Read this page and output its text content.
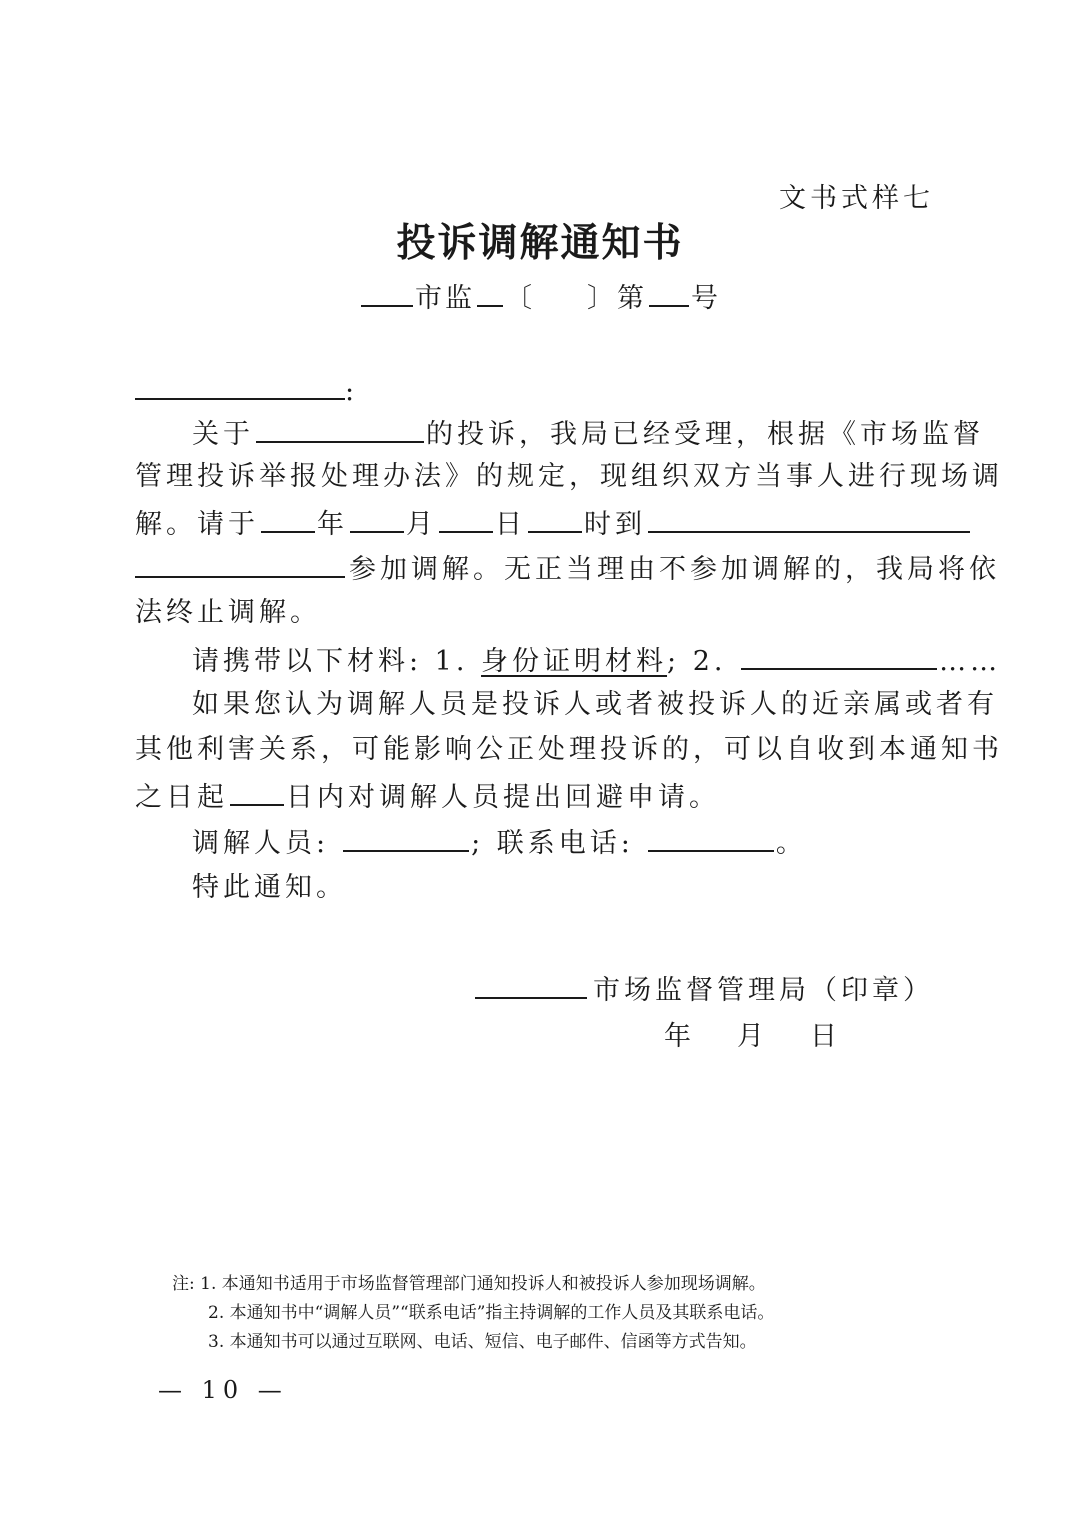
文书式样七
投诉调解通知书
市监 〔 〕第 号
:
关于	的投诉，我局已经受理，根据《市场监督
管理投诉举报处理办法》的规定，现组织双方当事人进行现场调
解。请于 年 月 日 时到
参加调解。无正当理由不参加调解的，我局将依
法终止调解。
请携带以下材料: 1. 身份证明材料; 2.	……
如果您认为调解人员是投诉人或者被投诉人的近亲属或者有
其他利害关系，可能影响公正处理投诉的，可以自收到本通知书
之日起 日内对调解人员提出回避申请。
调解人员:	; 联系电话:	。
特此通知。
市场监督管理局（印章）
年 月 日
注: 1. 本通知书适用于市场监督管理部门通知投诉人和被投诉人参加现场调解。
2. 本通知书中“调解人员”“联系电话”指主持调解的工作人员及其联系电话。
3. 本通知书可以通过互联网、电话、短信、电子邮件、信函等方式告知。
— 10 —
